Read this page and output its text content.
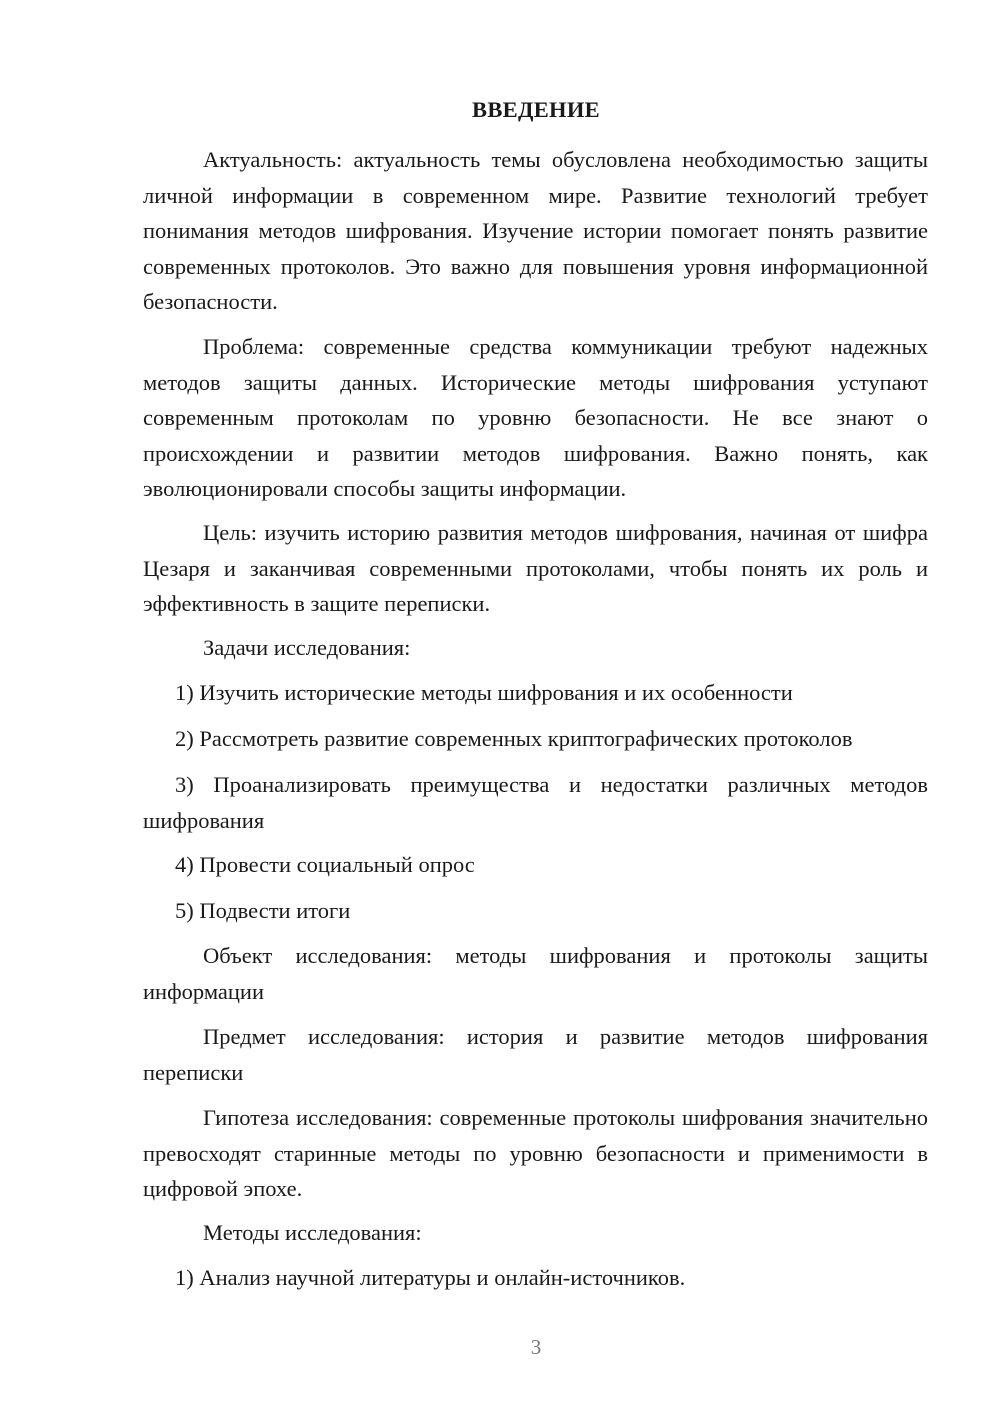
ВВЕДЕНИЕ
Актуальность: актуальность темы обусловлена необходимостью защиты личной информации в современном мире. Развитие технологий требует понимания методов шифрования. Изучение истории помогает понять развитие современных протоколов. Это важно для повышения уровня информационной безопасности.
Проблема: современные средства коммуникации требуют надежных методов защиты данных. Исторические методы шифрования уступают современным протоколам по уровню безопасности. Не все знают о происхождении и развитии методов шифрования. Важно понять, как эволюционировали способы защиты информации.
Цель: изучить историю развития методов шифрования, начиная от шифра Цезаря и заканчивая современными протоколами, чтобы понять их роль и эффективность в защите переписки.
Задачи исследования:
1) Изучить исторические методы шифрования и их особенности
2) Рассмотреть развитие современных криптографических протоколов
3) Проанализировать преимущества и недостатки различных методов шифрования
4) Провести социальный опрос
5) Подвести итоги
Объект исследования: методы шифрования и протоколы защиты информации
Предмет исследования: история и развитие методов шифрования переписки
Гипотеза исследования: современные протоколы шифрования значительно превосходят старинные методы по уровню безопасности и применимости в цифровой эпохе.
Методы исследования:
1) Анализ научной литературы и онлайн-источников.
3
